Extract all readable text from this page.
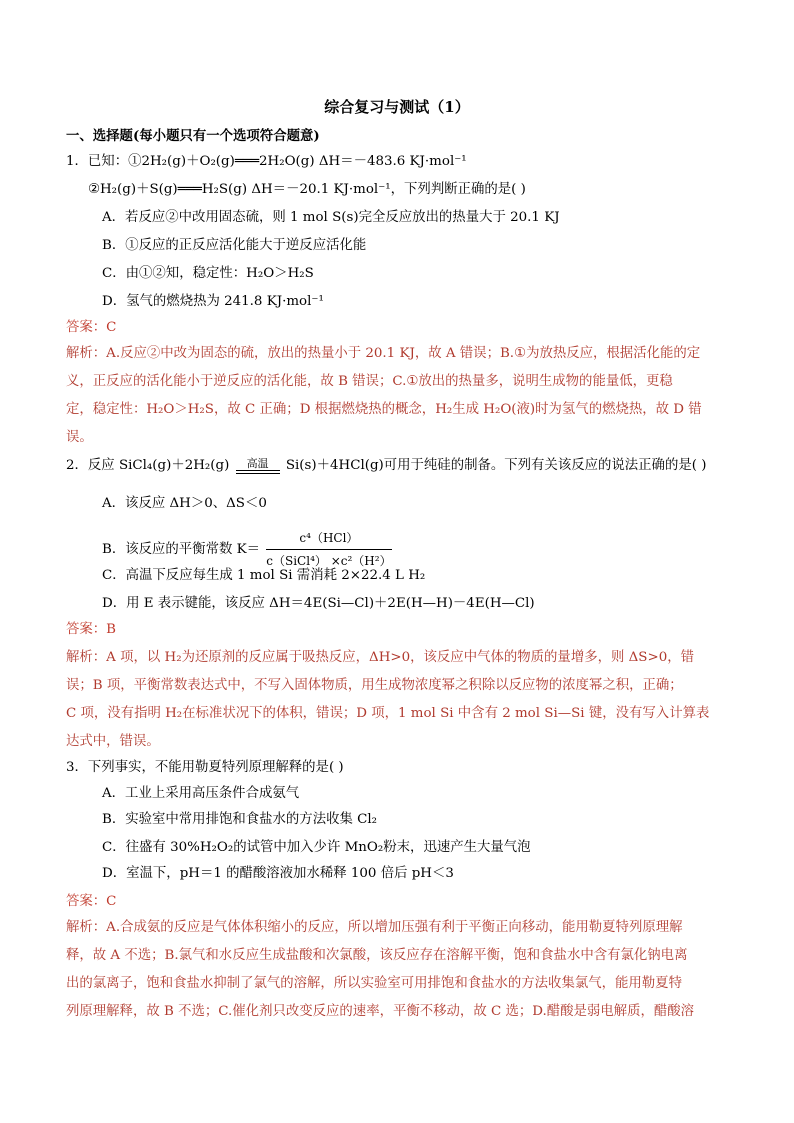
综合复习与测试（1）
一、选择题(每小题只有一个选项符合题意)
1．已知：①2H₂(g)＋O₂(g)═══2H₂O(g) ΔH＝－483.6 KJ·mol⁻¹
②H₂(g)＋S(g)═══H₂S(g) ΔH＝－20.1 KJ·mol⁻¹，下列判断正确的是( )
A．若反应②中改用固态硫，则 1 mol S(s)完全反应放出的热量大于 20.1 KJ
B．①反应的正反应活化能大于逆反应活化能
C．由①②知，稳定性：H₂O＞H₂S
D．氢气的燃烧热为 241.8 KJ·mol⁻¹
答案：C
解析：A.反应②中改为固态的硫，放出的热量小于 20.1 KJ，故 A 错误；B.①为放热反应，根据活化能的定
义，正反应的活化能小于逆反应的活化能，故 B 错误；C.①放出的热量多，说明生成物的能量低，更稳
定，稳定性：H₂O＞H₂S，故 C 正确；D 根据燃烧热的概念，H₂生成 H₂O(液)时为氢气的燃烧热，故 D 错
误。
2．反应 SiCl₄(g)＋2H₂(g)	高温	Si(s)＋4HCl(g)可用于纯硅的制备。下列有关该反应的说法正确的是( )
A．该反应 ΔH＞0、ΔS＜0
B．该反应的平衡常数 $K= \frac{\text{c⁴（HCl）}}{\text{c（SiCl⁴） ×c²（H²）}}$
C．高温下反应每生成 1 mol Si 需消耗 2×22.4 L H₂
D．用 E 表示键能，该反应 ΔH＝4E(Si—Cl)＋2E(H—H)－4E(H—Cl)
答案：B
解析：A 项，以 H₂为还原剂的反应属于吸热反应，ΔH>0，该反应中气体的物质的量增多，则 ΔS>0，错
误；B 项，平衡常数表达式中，不写入固体物质，用生成物浓度幂之积除以反应物的浓度幂之积，正确；
C 项，没有指明 H₂在标准状况下的体积，错误；D 项，1 mol Si 中含有 2 mol Si—Si 键，没有写入计算表
达式中，错误。
3．下列事实，不能用勒夏特列原理解释的是( )
A．工业上采用高压条件合成氨气
B．实验室中常用排饱和食盐水的方法收集 Cl₂
C．往盛有 30%H₂O₂的试管中加入少许 MnO₂粉末，迅速产生大量气泡
D．室温下，pH＝1 的醋酸溶液加水稀释 100 倍后 pH＜3
答案：C
解析：A.合成氨的反应是气体体积缩小的反应，所以增加压强有利于平衡正向移动，能用勒夏特列原理解
释，故 A 不选；B.氯气和水反应生成盐酸和次氯酸，该反应存在溶解平衡，饱和食盐水中含有氯化钠电离
出的氯离子，饱和食盐水抑制了氯气的溶解，所以实验室可用排饱和食盐水的方法收集氯气，能用勒夏特
列原理解释，故 B 不选；C.催化剂只改变反应的速率，平衡不移动，故 C 选；D.醋酸是弱电解质，醋酸溶
